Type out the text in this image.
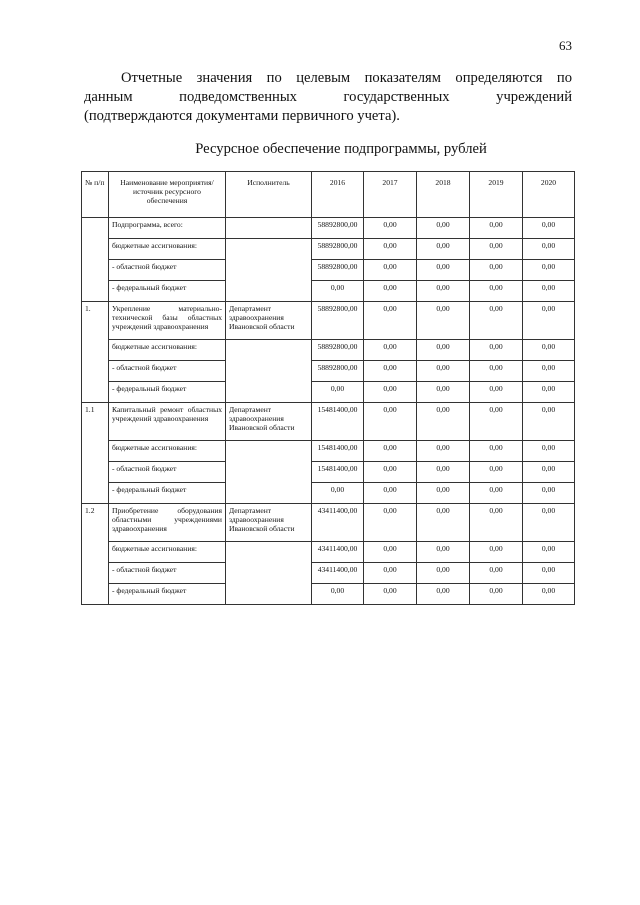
63

Отчетные значения по целевым показателям определяются по
данным подведомственных государственных учреждений
(подтверждаются документами первичного учета).

Ресурсное обеспечение подпрограммы, рублей
№ п/п	Наименование мероприятия/источник ресурсного обеспечения	Исполнитель	2016	2017	2018	2019	2020
	Подпрограмма, всего:		58892800,00	0,00	0,00	0,00	0,00
	бюджетные ассигнования:		58892800,00	0,00	0,00	0,00	0,00
	- областной бюджет		58892800,00	0,00	0,00	0,00	0,00
	- федеральный бюджет		0,00	0,00	0,00	0,00	0,00
1.	Укрепление материально-технической базы областных учреждений здравоохранения	Департамент здравоохранения Ивановской области	58892800,00	0,00	0,00	0,00	0,00
	бюджетные ассигнования:		58892800,00	0,00	0,00	0,00	0,00
	- областной бюджет		58892800,00	0,00	0,00	0,00	0,00
	- федеральный бюджет		0,00	0,00	0,00	0,00	0,00
1.1	Капитальный ремонт областных учреждений здравоохранения	Департамент здравоохранения Ивановской области	15481400,00	0,00	0,00	0,00	0,00
	бюджетные ассигнования:		15481400,00	0,00	0,00	0,00	0,00
	- областной бюджет		15481400,00	0,00	0,00	0,00	0,00
	- федеральный бюджет		0,00	0,00	0,00	0,00	0,00
1.2	Приобретение оборудования областными учреждениями здравоохранения	Департамент здравоохранения Ивановской области	43411400,00	0,00	0,00	0,00	0,00
	бюджетные ассигнования:		43411400,00	0,00	0,00	0,00	0,00
	- областной бюджет		43411400,00	0,00	0,00	0,00	0,00
	- федеральный бюджет		0,00	0,00	0,00	0,00	0,00
